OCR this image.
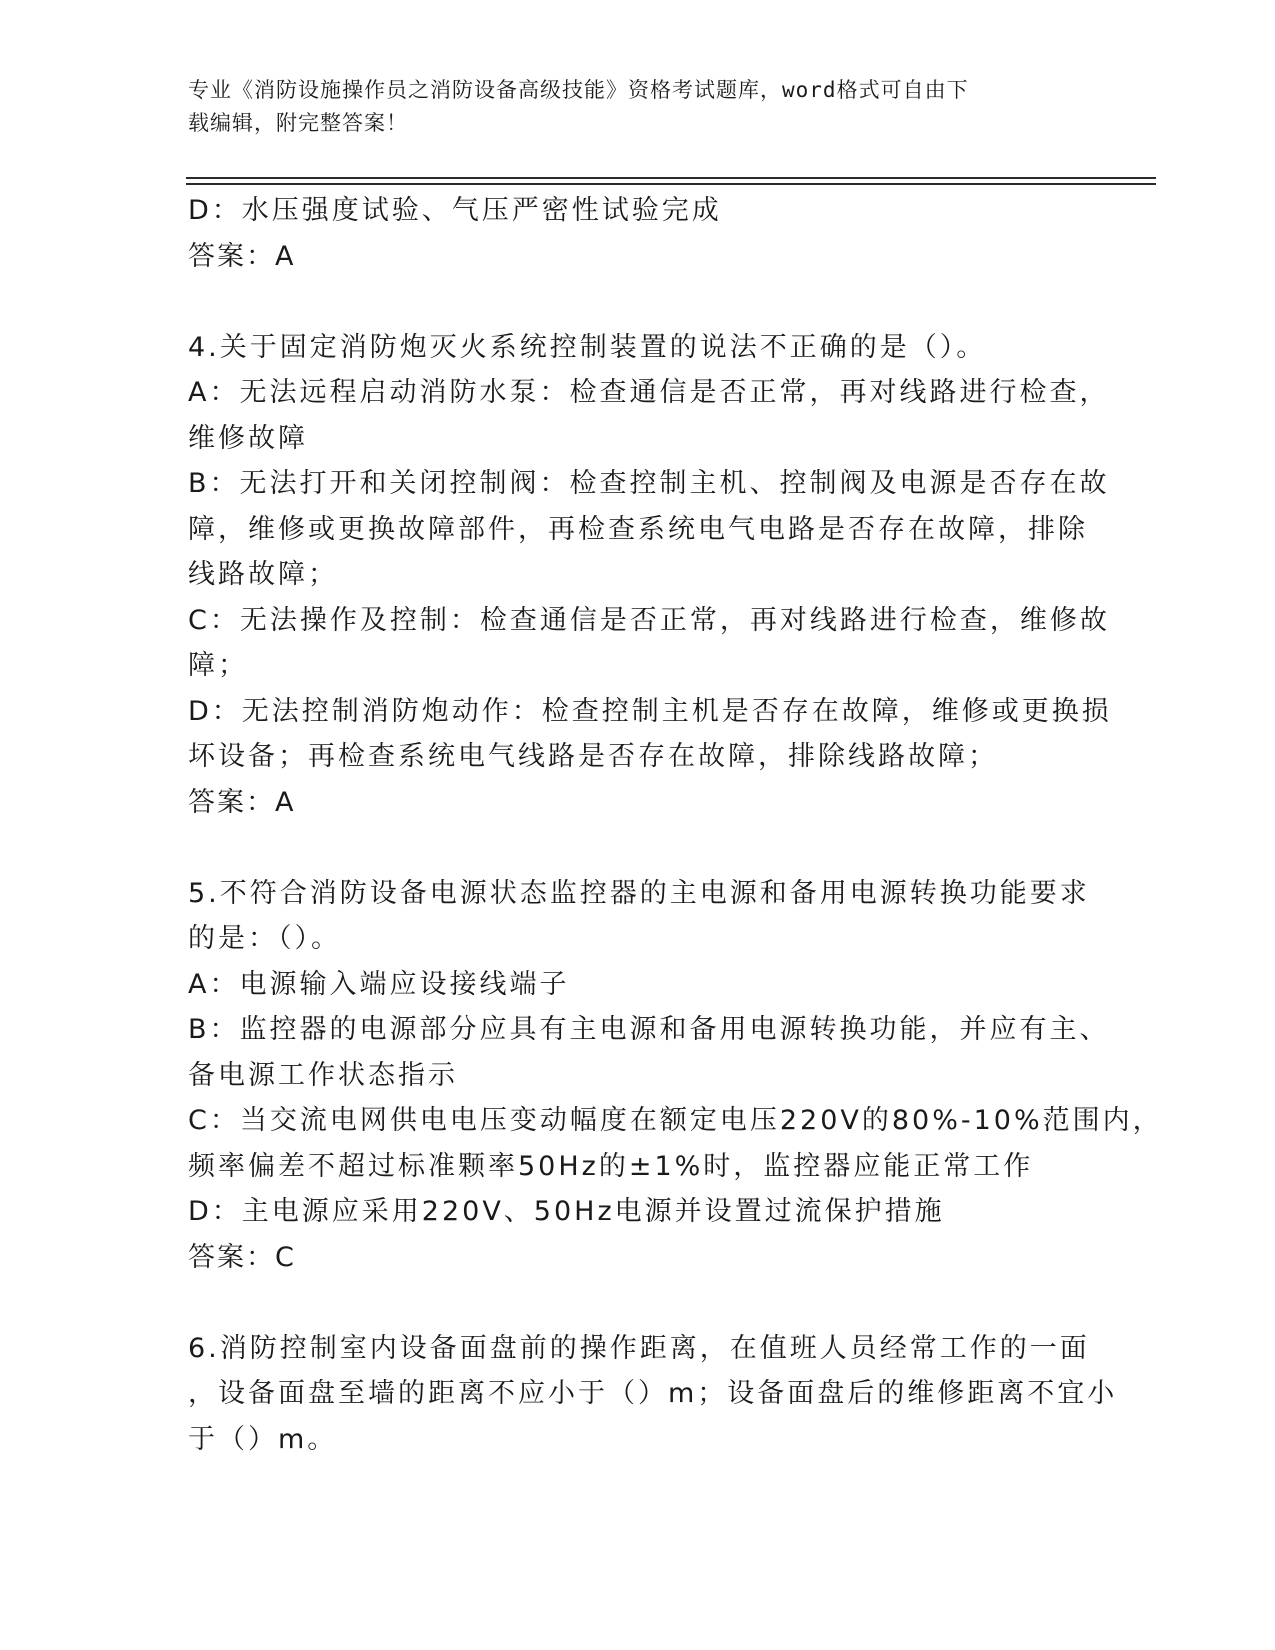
专业《消防设施操作员之消防设备高级技能》资格考试题库，word格式可自由下
载编辑，附完整答案！
D：水压强度试验、气压严密性试验完成
答案：A
4.关于固定消防炮灭火系统控制装置的说法不正确的是（）。
A：无法远程启动消防水泵：检查通信是否正常，再对线路进行检查，
维修故障
B：无法打开和关闭控制阀：检查控制主机、控制阀及电源是否存在故
障，维修或更换故障部件，再检查系统电气电路是否存在故障，排除
线路故障；
C：无法操作及控制：检查通信是否正常，再对线路进行检查，维修故
障；
D：无法控制消防炮动作：检查控制主机是否存在故障，维修或更换损
坏设备；再检查系统电气线路是否存在故障，排除线路故障；
答案：A
5.不符合消防设备电源状态监控器的主电源和备用电源转换功能要求
的是：（）。
A：电源输入端应设接线端子
B：监控器的电源部分应具有主电源和备用电源转换功能，并应有主、
备电源工作状态指示
C：当交流电网供电电压变动幅度在额定电压220V的80%-10%范围内，
频率偏差不超过标准颗率50Hz的±1%时，监控器应能正常工作
D：主电源应采用220V、50Hz电源并设置过流保护措施
答案：C
6.消防控制室内设备面盘前的操作距离，在值班人员经常工作的一面
，设备面盘至墙的距离不应小于（）m；设备面盘后的维修距离不宜小
于（）m。
